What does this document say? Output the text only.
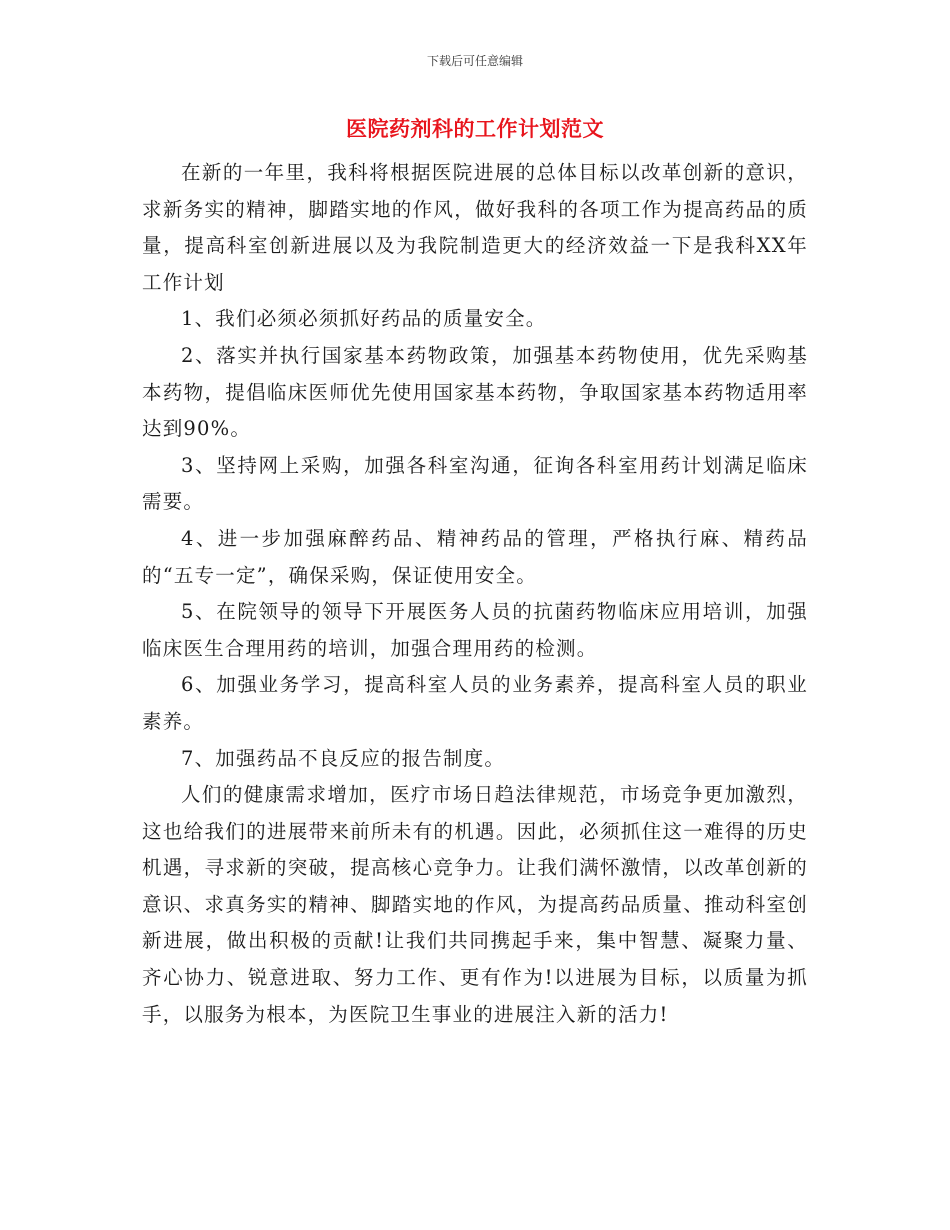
下载后可任意编辑
医院药剂科的工作计划范文

在新的一年里，我科将根据医院进展的总体目标以改革创新的意识，求新务实的精神，脚踏实地的作风，做好我科的各项工作为提高药品的质量，提高科室创新进展以及为我院制造更大的经济效益一下是我科XX年工作计划

1、我们必须必须抓好药品的质量安全。

2、落实并执行国家基本药物政策，加强基本药物使用，优先采购基本药物，提倡临床医师优先使用国家基本药物，争取国家基本药物适用率达到90%。

3、坚持网上采购，加强各科室沟通，征询各科室用药计划满足临床需要。

4、进一步加强麻醉药品、精神药品的管理，严格执行麻、精药品的“五专一定”，确保采购，保证使用安全。

5、在院领导的领导下开展医务人员的抗菌药物临床应用培训，加强临床医生合理用药的培训，加强合理用药的检测。

6、加强业务学习，提高科室人员的业务素养，提高科室人员的职业素养。

7、加强药品不良反应的报告制度。

人们的健康需求增加，医疗市场日趋法律规范，市场竞争更加激烈，这也给我们的进展带来前所未有的机遇。因此，必须抓住这一难得的历史机遇，寻求新的突破，提高核心竞争力。让我们满怀激情，以改革创新的意识、求真务实的精神、脚踏实地的作风，为提高药品质量、推动科室创新进展，做出积极的贡献!让我们共同携起手来，集中智慧、凝聚力量、齐心协力、锐意进取、努力工作、更有作为!以进展为目标，以质量为抓手，以服务为根本，为医院卫生事业的进展注入新的活力!
